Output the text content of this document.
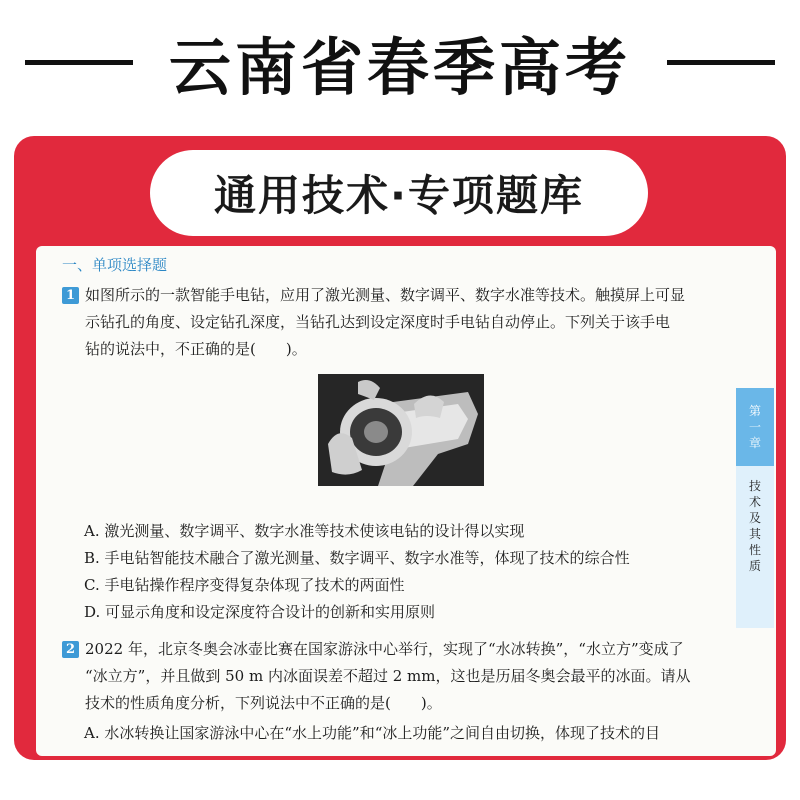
云南省春季高考
通用技术·专项题库
一、单项选择题
1 如图所示的一款智能手电钻，应用了激光测量、数字调平、数字水准等技术。触摸屏上可显
示钻孔的角度、设定钻孔深度，当钻孔达到设定深度时手电钻自动停止。下列关于该手电
钻的说法中，不正确的是(　　)。
A. 激光测量、数字调平、数字水准等技术使该电钻的设计得以实现
B. 手电钻智能技术融合了激光测量、数字调平、数字水准等，体现了技术的综合性
C. 手电钻操作程序变得复杂体现了技术的两面性
D. 可显示角度和设定深度符合设计的创新和实用原则
2 2022 年，北京冬奥会冰壶比赛在国家游泳中心举行，实现了“水冰转换”，“水立方”变成了
“冰立方”，并且做到 50 m 内冰面误差不超过 2 mm，这也是历届冬奥会最平的冰面。请从
技术的性质角度分析，下列说法中不正确的是(　　)。
A. 水冰转换让国家游泳中心在“水上功能”和“冰上功能”之间自由切换，体现了技术的目
第
一
章
技
术
及
其
性
质
